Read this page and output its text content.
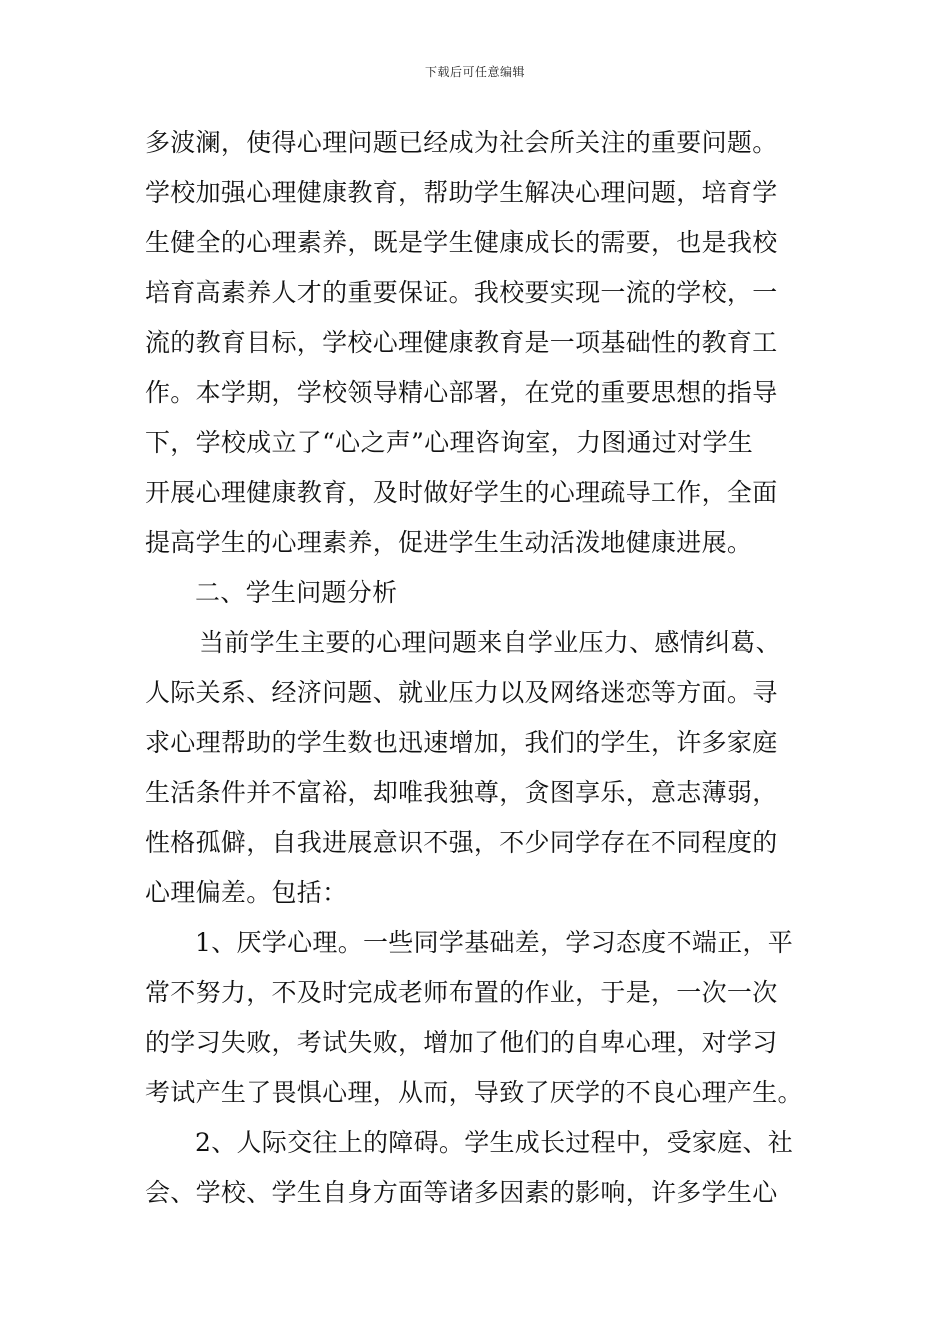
下载后可任意编辑
多波澜，使得心理问题已经成为社会所关注的重要问题。
学校加强心理健康教育，帮助学生解决心理问题，培育学
生健全的心理素养，既是学生健康成长的需要，也是我校
培育高素养人才的重要保证。我校要实现一流的学校，一
流的教育目标，学校心理健康教育是一项基础性的教育工
作。本学期，学校领导精心部署，在党的重要思想的指导
下，学校成立了“心之声”心理咨询室，力图通过对学生
开展心理健康教育，及时做好学生的心理疏导工作，全面
提高学生的心理素养，促进学生生动活泼地健康进展。
二、学生问题分析
当前学生主要的心理问题来自学业压力、感情纠葛、
人际关系、经济问题、就业压力以及网络迷恋等方面。寻
求心理帮助的学生数也迅速增加，我们的学生，许多家庭
生活条件并不富裕，却唯我独尊，贪图享乐，意志薄弱，
性格孤僻，自我进展意识不强，不少同学存在不同程度的
心理偏差。包括：
1、厌学心理。一些同学基础差，学习态度不端正，平
常不努力，不及时完成老师布置的作业，于是，一次一次
的学习失败，考试失败，增加了他们的自卑心理，对学习
考试产生了畏惧心理，从而，导致了厌学的不良心理产生。
2、人际交往上的障碍。学生成长过程中，受家庭、社
会、学校、学生自身方面等诸多因素的影响，许多学生心
